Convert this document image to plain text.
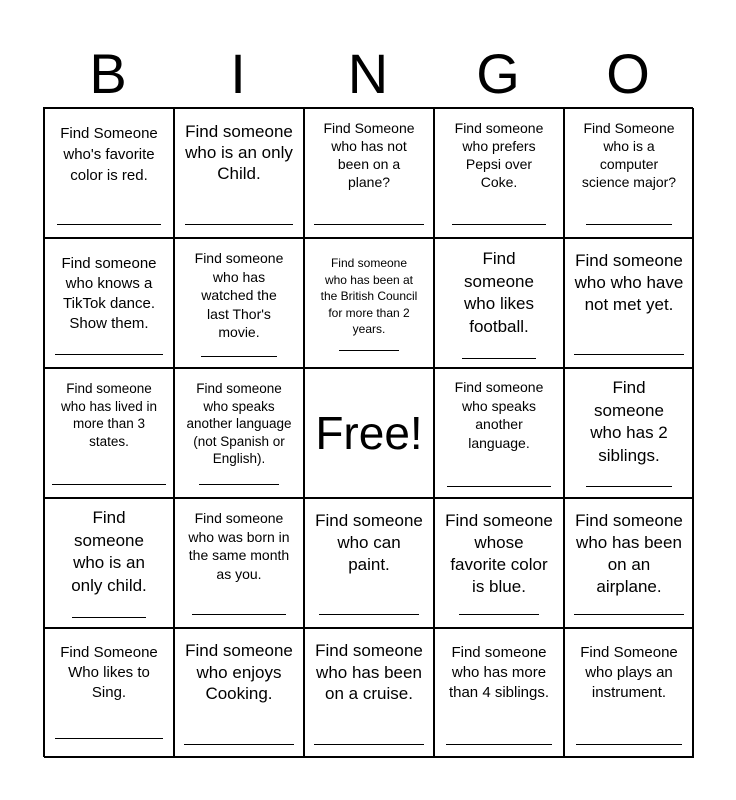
B	I	N	G	O
Find Someone
who's favorite
color is red.
Find someone
who is an only
Child.
Find Someone
who has not
been on a
plane?
Find someone
who prefers
Pepsi over
Coke.
Find Someone
who is a
computer
science major?
Find someone
who knows a
TikTok dance.
Show them.
Find someone
who has
watched the
last Thor's
movie.
Find someone
who has been at
the British Council
for more than 2
years.
Find
someone
who likes
football.
Find someone
who who have
not met yet.
Find someone
who has lived in
more than 3
states.
Find someone
who speaks
another language
(not Spanish or
English).	Free!
Find someone
who speaks
another
language.
Find
someone
who has 2
siblings.
Find
someone
who is an
only child.
Find someone
who was born in
the same month
as you.
Find someone
who can
paint.
Find someone
whose
favorite color
is blue.
Find someone
who has been
on an
airplane.
Find Someone
Who likes to
Sing.
Find someone
who enjoys
Cooking.
Find someone
who has been
on a cruise.
Find someone
who has more
than 4 siblings.
Find Someone
who plays an
instrument.
